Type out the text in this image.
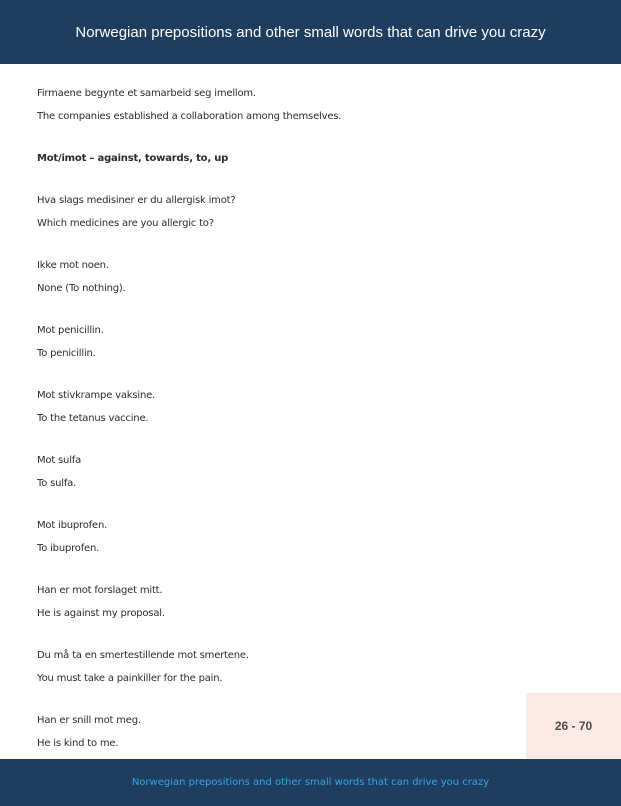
Norwegian prepositions and other small words that can drive you crazy
Firmaene begynte et samarbeid seg imellom.
The companies established a collaboration among themselves.
Mot/imot – against, towards, to, up
Hva slags medisiner er du allergisk imot?
Which medicines are you allergic to?
Ikke mot noen.
None (To nothing).
Mot penicillin.
To penicillin.
Mot stivkrampe vaksine.
To the tetanus vaccine.
Mot sulfa
To sulfa.
Mot ibuprofen.
To ibuprofen.
Han er mot forslaget mitt.
He is against my proposal.
Du må ta en smertestillende mot smertene.
You must take a painkiller for the pain.
Han er snill mot meg.
He is kind to me.
26 - 70
Norwegian prepositions and other small words that can drive you crazy
